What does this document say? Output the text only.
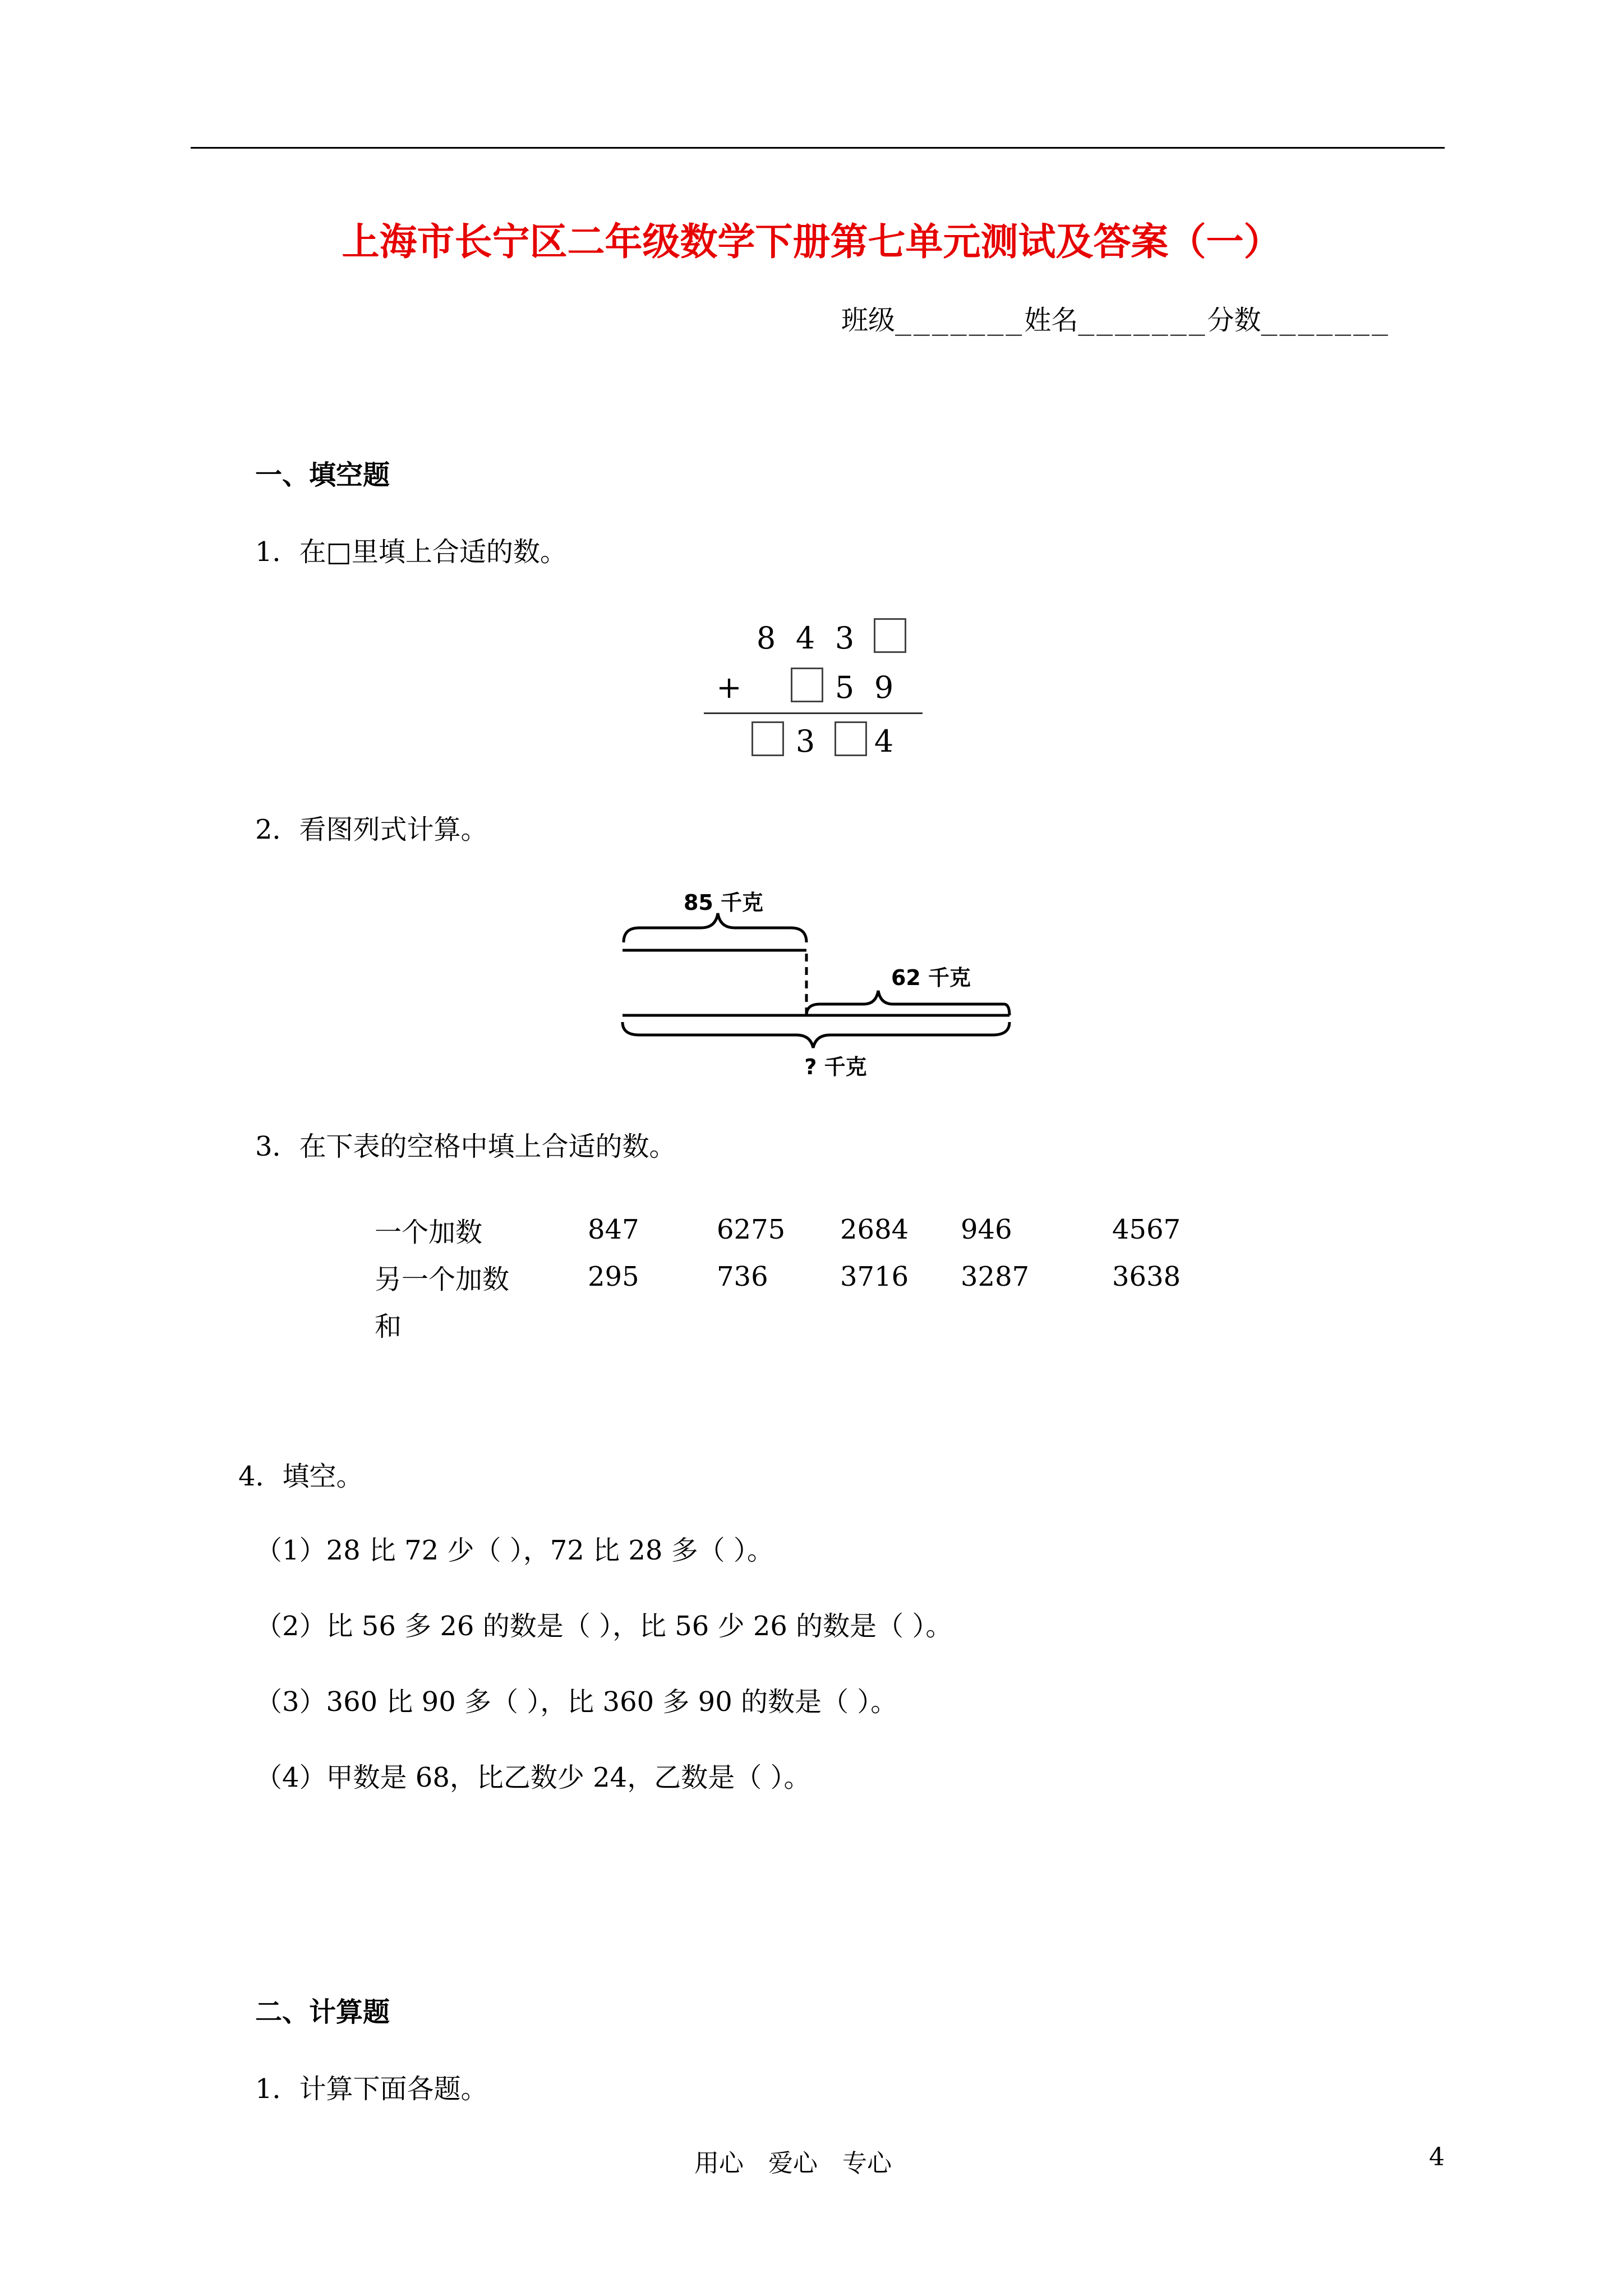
上海市长宁区二年级数学下册第七单元测试及答案（一）
班级_______姓名_______分数_______
一、填空题
1．在□里填上合适的数。
8 4 3
+	5 9
3 4
2．看图列式计算。
85 千克
62 千克
? 千克
3．在下表的空格中填上合适的数。
一个加数	847	6275	2684	946	4567
另一个加数	295	736	3716	3287	3638
和					
4．填空。
（1）28 比 72 少（ ），72 比 28 多（ ）。
（2）比 56 多 26 的数是（ ），比 56 少 26 的数是（ ）。
（3）360 比 90 多（ ），比 360 多 90 的数是（ ）。
（4）甲数是 68，比乙数少 24，乙数是（ ）。
二、计算题
1．计算下面各题。
用心　爱心　专心	4
